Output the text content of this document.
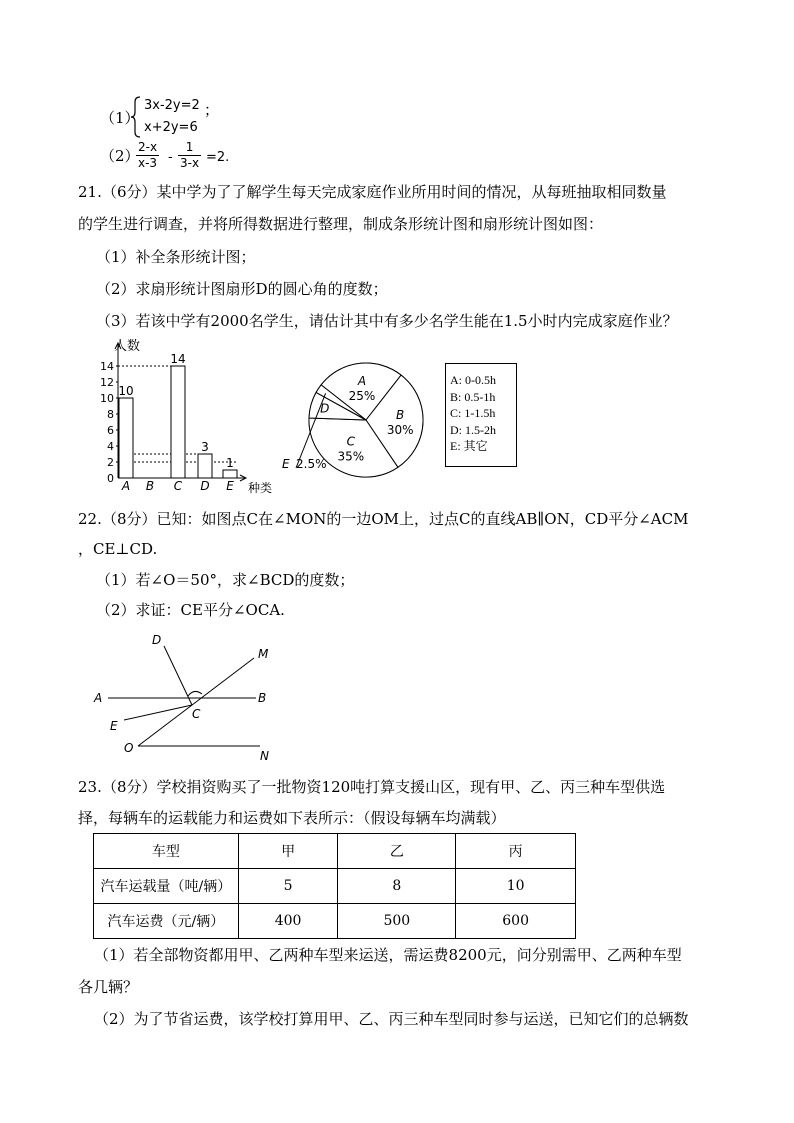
（1）
3x-2y=2
x+2y=6
；
（2）
$\frac{2-x}{x-3} - \frac{1}{3-x} =2$.
21. （6分）某中学为了了解学生每天完成家庭作业所用时间的情况，从每班抽取相同数量
的学生进行调查，并将所得数据进行整理，制成条形统计图和扇形统计图如图：
（1）补全条形统计图；
（2）求扇形统计图扇形D的圆心角的度数；
（3）若该中学有2000名学生，请估计其中有多少名学生能在1.5小时内完成家庭作业？
0
2
4
6
8
10
12
14
10
14
3
1
A B C D E
人数
种类
A
25%
B
30%
C
35%
D
E 2.5%
A: 0-0.5h
B: 0.5-1h
C: 1-1.5h
D: 1.5-2h
E: 其它
22. （8分）已知：如图点C在∠MON的一边OM上，过点C的直线AB∥ON，CD平分∠ACM
，CE⊥CD.
（1）若∠O＝50°，求∠BCD的度数；
（2）求证：CE平分∠OCA.
D
M
A	B
C
E
O
N
23. （8分）学校捐资购买了一批物资120吨打算支援山区，现有甲、乙、丙三种车型供选
择，每辆车的运载能力和运费如下表所示：（假设每辆车均满载）
车型	甲	乙	丙
汽车运载量（吨/辆）	5	8	10
汽车运费（元/辆）	400	500	600
（1）若全部物资都用甲、乙两种车型来运送，需运费8200元，问分别需甲、乙两种车型
各几辆？
（2）为了节省运费，该学校打算用甲、乙、丙三种车型同时参与运送，已知它们的总辆数
